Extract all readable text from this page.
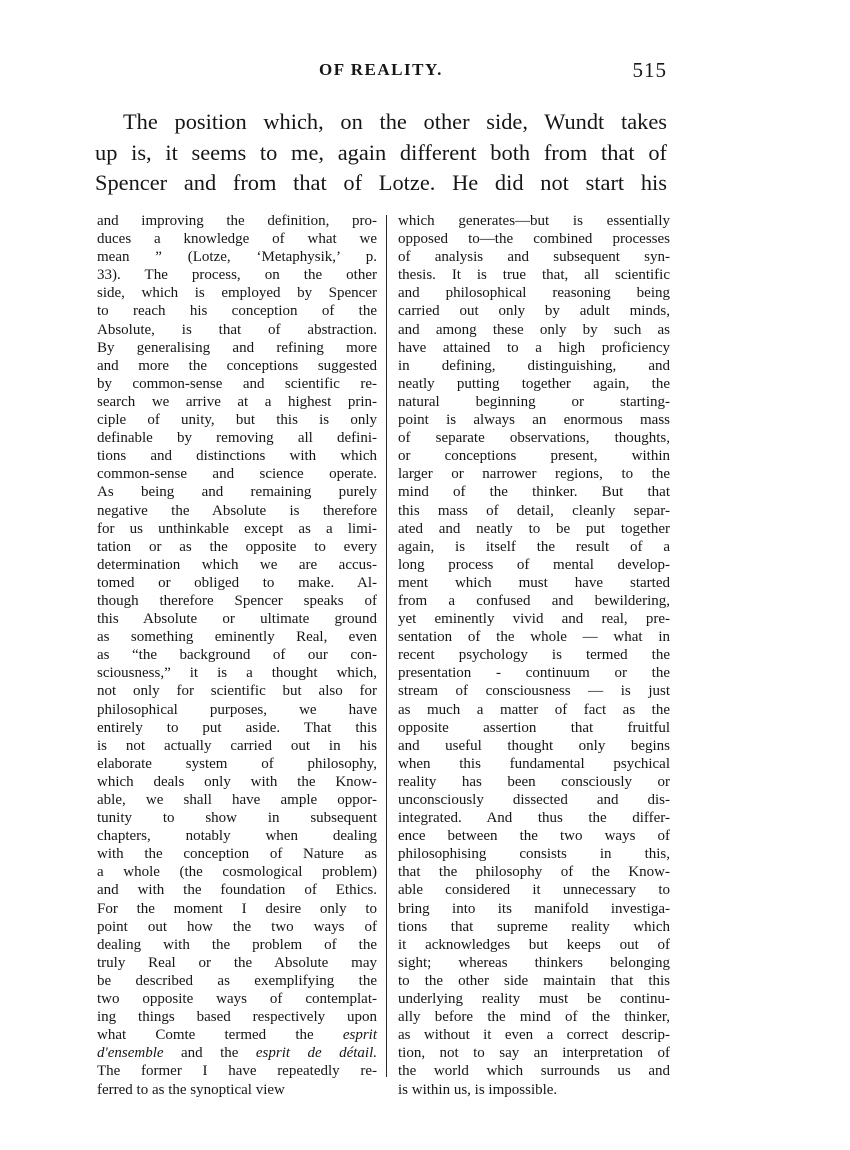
OF REALITY.	515
The position which, on the other side, Wundt takes
up is, it seems to me, again different both from that of
Spencer and from that of Lotze. He did not start his
and improving the definition, pro-
duces a knowledge of what we
mean ” (Lotze, ‘Metaphysik,’ p.
33). The process, on the other
side, which is employed by Spencer
to reach his conception of the
Absolute, is that of abstraction.
By generalising and refining more
and more the conceptions suggested
by common-sense and scientific re-
search we arrive at a highest prin-
ciple of unity, but this is only
definable by removing all defini-
tions and distinctions with which
common-sense and science operate.
As being and remaining purely
negative the Absolute is therefore
for us unthinkable except as a limi-
tation or as the opposite to every
determination which we are accus-
tomed or obliged to make. Al-
though therefore Spencer speaks of
this Absolute or ultimate ground
as something eminently Real, even
as “the background of our con-
sciousness,” it is a thought which,
not only for scientific but also for
philosophical purposes, we have
entirely to put aside. That this
is not actually carried out in his
elaborate system of philosophy,
which deals only with the Know-
able, we shall have ample oppor-
tunity to show in subsequent
chapters, notably when dealing
with the conception of Nature as
a whole (the cosmological problem)
and with the foundation of Ethics.
For the moment I desire only to
point out how the two ways of
dealing with the problem of the
truly Real or the Absolute may
be described as exemplifying the
two opposite ways of contemplat-
ing things based respectively upon
what Comte termed the esprit
d'ensemble and the esprit de détail.
The former I have repeatedly re-
ferred to as the synoptical view
which generates—but is essentially
opposed to—the combined processes
of analysis and subsequent syn-
thesis. It is true that, all scientific
and philosophical reasoning being
carried out only by adult minds,
and among these only by such as
have attained to a high proficiency
in defining, distinguishing, and
neatly putting together again, the
natural beginning or starting-
point is always an enormous mass
of separate observations, thoughts,
or conceptions present, within
larger or narrower regions, to the
mind of the thinker. But that
this mass of detail, cleanly separ-
ated and neatly to be put together
again, is itself the result of a
long process of mental develop-
ment which must have started
from a confused and bewildering,
yet eminently vivid and real, pre-
sentation of the whole — what in
recent psychology is termed the
presentation - continuum or the
stream of consciousness — is just
as much a matter of fact as the
opposite assertion that fruitful
and useful thought only begins
when this fundamental psychical
reality has been consciously or
unconsciously dissected and dis-
integrated. And thus the differ-
ence between the two ways of
philosophising consists in this,
that the philosophy of the Know-
able considered it unnecessary to
bring into its manifold investiga-
tions that supreme reality which
it acknowledges but keeps out of
sight; whereas thinkers belonging
to the other side maintain that this
underlying reality must be continu-
ally before the mind of the thinker,
as without it even a correct descrip-
tion, not to say an interpretation of
the world which surrounds us and
is within us, is impossible.
